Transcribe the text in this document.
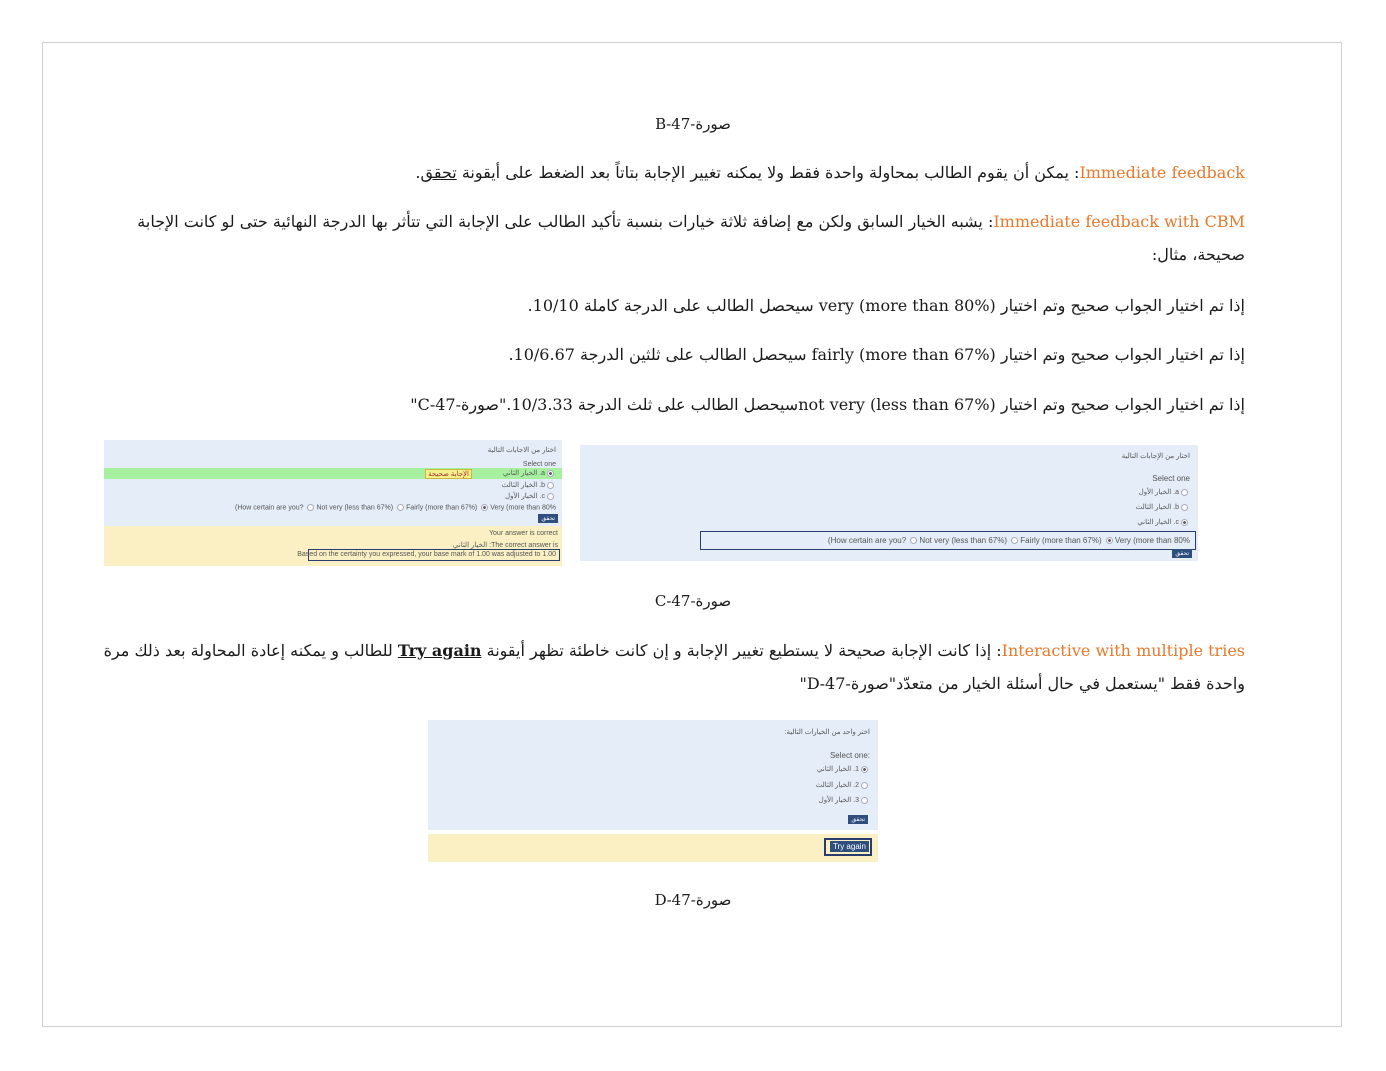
صورة-47-B
Immediate feedback: يمكن أن يقوم الطالب بمحاولة واحدة فقط ولا يمكنه تغيير الإجابة بتاتاً بعد الضغط على أيقونة تحقق.
Immediate feedback with CBM: يشبه الخيار السابق ولكن مع إضافة ثلاثة خيارات بنسبة تأكيد الطالب على الإجابة التي تتأثر بها الدرجة النهائية حتى لو كانت الإجابة صحيحة، مثال:
إذا تم اختيار الجواب صحيح وتم اختيار very (more than 80%) سيحصل الطالب على الدرجة كاملة 10/10.
إذا تم اختيار الجواب صحيح وتم اختيار fairly (more than 67%) سيحصل الطالب على ثلثين الدرجة 10/6.67.
إذا تم اختيار الجواب صحيح وتم اختيار not very (less than 67%)سيحصل الطالب على ثلث الدرجة 10/3.33."صورة-47-C"
اختار من الاجابات التالية
Select one
a. الخيار الثاني
الإجابة صحيحة
b. الخيار الثالث
c. الخيار الأول
(How certain are you? Not very (less than 67%) Fairly (more than 67%) Very (more than 80%
تحقق
Your answer is correct
The correct answer is: الخيار الثاني
Based on the certainty you expressed, your base mark of 1.00 was adjusted to 1.00
اختار من الإجابات التالية
Select one
a. الخيار الأول
b. الخيار الثالث
c. الخيار الثاني
(How certain are you? Not very (less than 67%) Fairly (more than 67%) Very (more than 80%
تحقق
صورة-47-C
Interactive with multiple tries: إذا كانت الإجابة صحيحة لا يستطيع تغيير الإجابة و إن كانت خاطئة تظهر أيقونة Try again للطالب و يمكنه إعادة المحاولة بعد ذلك مرة واحدة فقط "يستعمل في حال أسئلة الخيار من متعدّد"صورة-47-D"
اختر واحد من الخيارات التالية:
Select one:
1. الخيار الثاني
2. الخيار الثالث
3. الخيار الأول
تحقق
Try again
صورة-47-D
